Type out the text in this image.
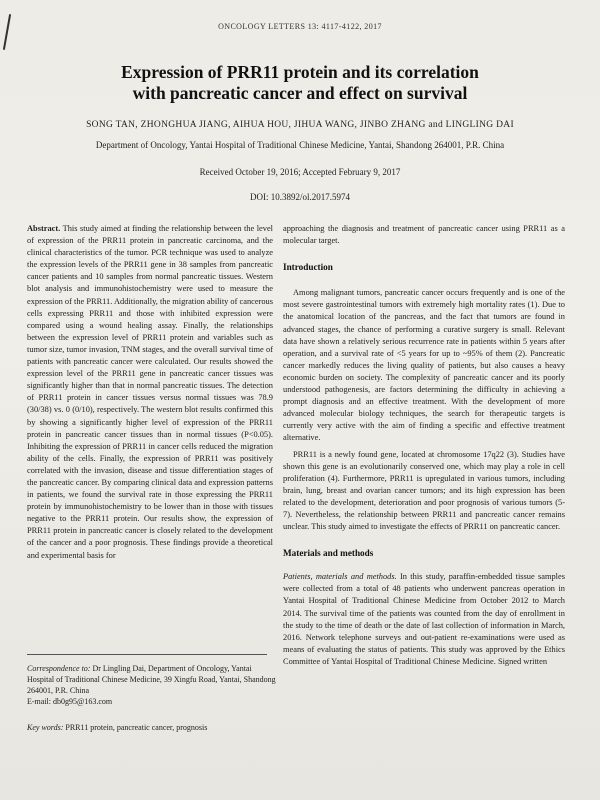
ONCOLOGY LETTERS 13: 4117-4122, 2017
Expression of PRR11 protein and its correlation
with pancreatic cancer and effect on survival
SONG TAN, ZHONGHUA JIANG, AIHUA HOU, JIHUA WANG, JINBO ZHANG and LINGLING DAI
Department of Oncology, Yantai Hospital of Traditional Chinese Medicine, Yantai, Shandong 264001, P.R. China
Received October 19, 2016; Accepted February 9, 2017
DOI: 10.3892/ol.2017.5974

Abstract. This study aimed at finding the relationship between the level of expression of the PRR11 protein in pancreatic carcinoma, and the clinical characteristics of the tumor. PCR technique was used to analyze the expression levels of the PRR11 gene in 38 samples from pancreatic cancer patients and 10 samples from normal pancreatic tissues. Western blot analysis and immunohistochemistry were used to measure the expression of the PRR11. Additionally, the migration ability of cancerous cells expressing PRR11 and those with inhibited expression were compared using a wound healing assay. Finally, the relationships between the expression level of PRR11 protein and variables such as tumor size, tumor invasion, TNM stages, and the overall survival time of patients with pancreatic cancer were calculated. Our results showed the expression level of the PRR11 gene in pancreatic cancer tissues was significantly higher than that in normal pancreatic tissues. The detection of PRR11 protein in cancer tissues versus normal tissues was 78.9 (30/38) vs. 0 (0/10), respectively. The western blot results confirmed this by showing a significantly higher level of expression of the PRR11 protein in pancreatic cancer tissues than in normal tissues (P<0.05). Inhibiting the expression of PRR11 in cancer cells reduced the migration ability of the cells. Finally, the expression of PRR11 was positively correlated with the invasion, disease and tissue differentiation stages of the pancreatic cancer. By comparing clinical data and expression patterns in patients, we found the survival rate in those expressing the PRR11 protein by immunohistochemistry to be lower than in those with tissues negative to the PRR11 protein. Our results show, the expression of PRR11 protein in pancreatic cancer is closely related to the development of the cancer and a poor prognosis. These findings provide a theoretical and experimental basis for

approaching the diagnosis and treatment of pancreatic cancer using PRR11 as a molecular target.

Introduction

Among malignant tumors, pancreatic cancer occurs frequently and is one of the most severe gastrointestinal tumors with extremely high mortality rates (1). Due to the anatomical location of the pancreas, and the fact that tumors are found in advanced stages, the chance of performing a curative surgery is small. Relevant data have shown a relatively serious recurrence rate in patients within 5 years after operation, and a survival rate of <5 years for up to ~95% of them (2). Pancreatic cancer markedly reduces the living quality of patients, but also causes a heavy economic burden on society. The complexity of pancreatic cancer and its poorly understood pathogenesis, are factors determining the difficulty in achieving a prompt diagnosis and an effective treatment. With the development of more advanced molecular biology techniques, the search for therapeutic targets is currently very active with the aim of finding a specific and effective treatment alternative.

PRR11 is a newly found gene, located at chromosome 17q22 (3). Studies have shown this gene is an evolutionarily conserved one, which may play a role in cell proliferation (4). Furthermore, PRR11 is upregulated in various tumors, including brain, lung, breast and ovarian cancer tumors; and its high expression has been related to the development, deterioration and poor prognosis of various tumors (5-7). Nevertheless, the relationship between PRR11 and pancreatic cancer remains unclear. This study aimed to investigate the effects of PRR11 on pancreatic cancer.

Materials and methods

Patients, materials and methods. In this study, paraffin-embedded tissue samples were collected from a total of 48 patients who underwent pancreas operation in Yantai Hospital of Traditional Chinese Medicine from October 2012 to March 2014. The survival time of the patients was counted from the day of enrollment in the study to the time of death or the date of last collection of information in March, 2016. Network telephone surveys and out-patient re-examinations were used as means of evaluating the status of patients. This study was approved by the Ethics Committee of Yantai Hospital of Traditional Chinese Medicine. Signed written

Correspondence to: Dr Lingling Dai, Department of Oncology, Yantai Hospital of Traditional Chinese Medicine, 39 Xingfu Road, Yantai, Shandong 264001, P.R. China
E-mail: db0g95@163.com
Key words: PRR11 protein, pancreatic cancer, prognosis
